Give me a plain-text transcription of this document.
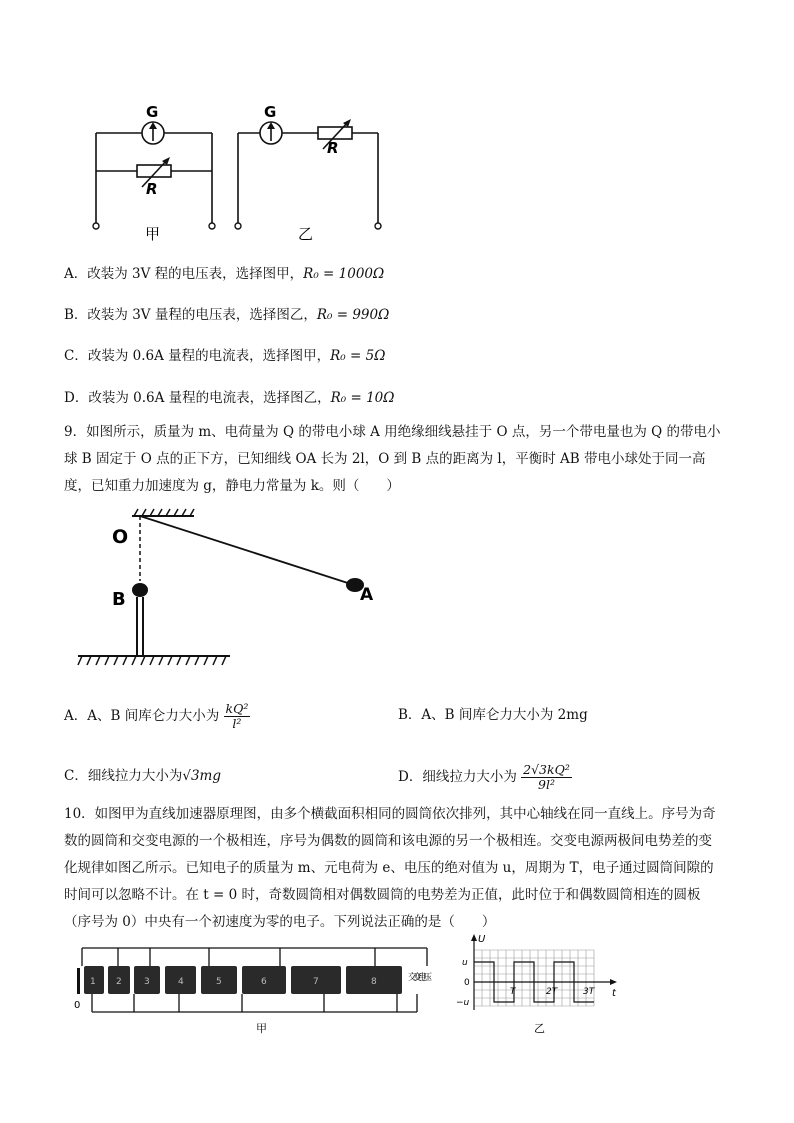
G	G
R
R
甲	乙
A．改装为 3V 程的电压表，选择图甲，R₀ = 1000Ω
B．改装为 3V 量程的电压表，选择图乙，R₀ = 990Ω
C．改装为 0.6A 量程的电流表，选择图甲，R₀ = 5Ω
D．改装为 0.6A 量程的电流表，选择图乙，R₀ = 10Ω
9．如图所示，质量为 m、电荷量为 Q 的带电小球 A 用绝缘细线悬挂于 O 点，另一个带电量也为 Q 的带电小球 B 固定于 O 点的正下方，已知细线 OA 长为 2l，O 到 B 点的距离为 l，平衡时 AB 带电小球处于同一高度，已知重力加速度为 g，静电力常量为 k。则（　　）
O
B	A
A．A、B 间库仑力大小为 $\frac{\text{kQ²}}{\text{l²}}$	B．A、B 间库仑力大小为 2mg
C．细线拉力大小为√3mg	D．细线拉力大小为 $\frac{\text{2√3kQ²}}{\text{9l²}}$
10．如图甲为直线加速器原理图，由多个横截面积相同的圆筒依次排列，其中心轴线在同一直线上。序号为奇数的圆筒和交变电源的一个极相连，序号为偶数的圆筒和该电源的另一个极相连。交变电源两极间电势差的变化规律如图乙所示。已知电子的质量为 m、元电荷为 e、电压的绝对值为 u，周期为 T，电子通过圆筒间隙的时间可以忽略不计。在 t = 0 时，奇数圆筒相对偶数圆筒的电势差为正值，此时位于和偶数圆筒相连的圆板（序号为 0）中央有一个初速度为零的电子。下列说法正确的是（　　）
1 2 3	4	5	6	7	8
0
交变电压
甲
U
u
0
−u
T	2T	3T t
乙
